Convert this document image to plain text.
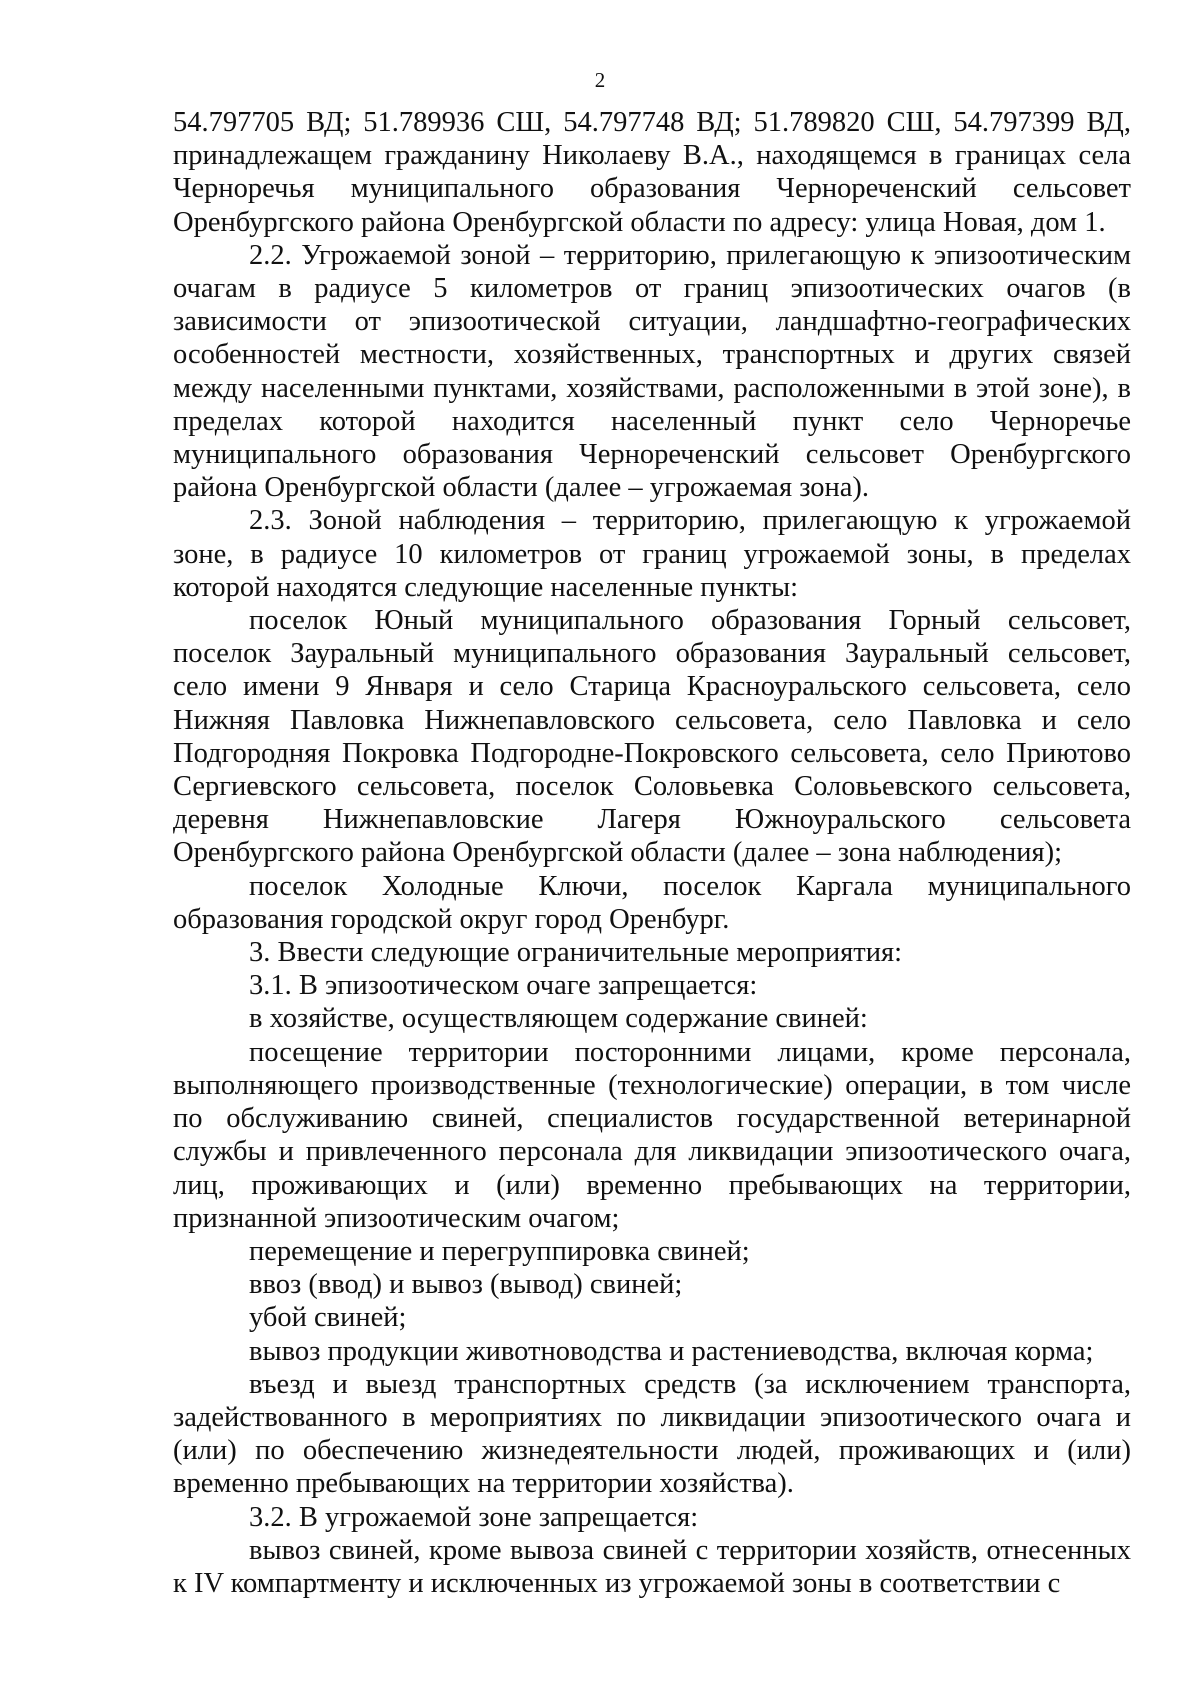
2

54.797705 ВД; 51.789936 СШ, 54.797748 ВД; 51.789820 СШ, 54.797399 ВД, принадлежащем гражданину Николаеву В.А., находящемся в границах села Черноречья муниципального образования Чернореченский сельсовет Оренбургского района Оренбургской области по адресу: улица Новая, дом 1.

2.2. Угрожаемой зоной – территорию, прилегающую к эпизоотическим очагам в радиусе 5 километров от границ эпизоотических очагов (в зависимости от эпизоотической ситуации, ландшафтно-географических особенностей местности, хозяйственных, транспортных и других связей между населенными пунктами, хозяйствами, расположенными в этой зоне), в пределах которой находится населенный пункт село Черноречье муниципального образования Чернореченский сельсовет Оренбургского района Оренбургской области (далее – угрожаемая зона).

2.3. Зоной наблюдения – территорию, прилегающую к угрожаемой зоне, в радиусе 10 километров от границ угрожаемой зоны, в пределах которой находятся следующие населенные пункты:

поселок Юный муниципального образования Горный сельсовет, поселок Зауральный муниципального образования Зауральный сельсовет, село имени 9 Января и село Старица Красноуральского сельсовета, село Нижняя Павловка Нижнепавловского сельсовета, село Павловка и село Подгородняя Покровка Подгородне-Покровского сельсовета, село Приютово Сергиевского сельсовета, поселок Соловьевка Соловьевского сельсовета, деревня Нижнепавловские Лагеря Южноуральского сельсовета Оренбургского района Оренбургской области (далее – зона наблюдения);

поселок Холодные Ключи, поселок Каргала муниципального образования городской округ город Оренбург.

3. Ввести следующие ограничительные мероприятия:

3.1. В эпизоотическом очаге запрещается:

в хозяйстве, осуществляющем содержание свиней:

посещение территории посторонними лицами, кроме персонала, выполняющего производственные (технологические) операции, в том числе по обслуживанию свиней, специалистов государственной ветеринарной службы и привлеченного персонала для ликвидации эпизоотического очага, лиц, проживающих и (или) временно пребывающих на территории, признанной эпизоотическим очагом;

перемещение и перегруппировка свиней;

ввоз (ввод) и вывоз (вывод) свиней;

убой свиней;

вывоз продукции животноводства и растениеводства, включая корма;

въезд и выезд транспортных средств (за исключением транспорта, задействованного в мероприятиях по ликвидации эпизоотического очага и (или) по обеспечению жизнедеятельности людей, проживающих и (или) временно пребывающих на территории хозяйства).

3.2. В угрожаемой зоне запрещается:

вывоз свиней, кроме вывоза свиней с территории хозяйств, отнесенных к IV компартменту и исключенных из угрожаемой зоны в соответствии с
